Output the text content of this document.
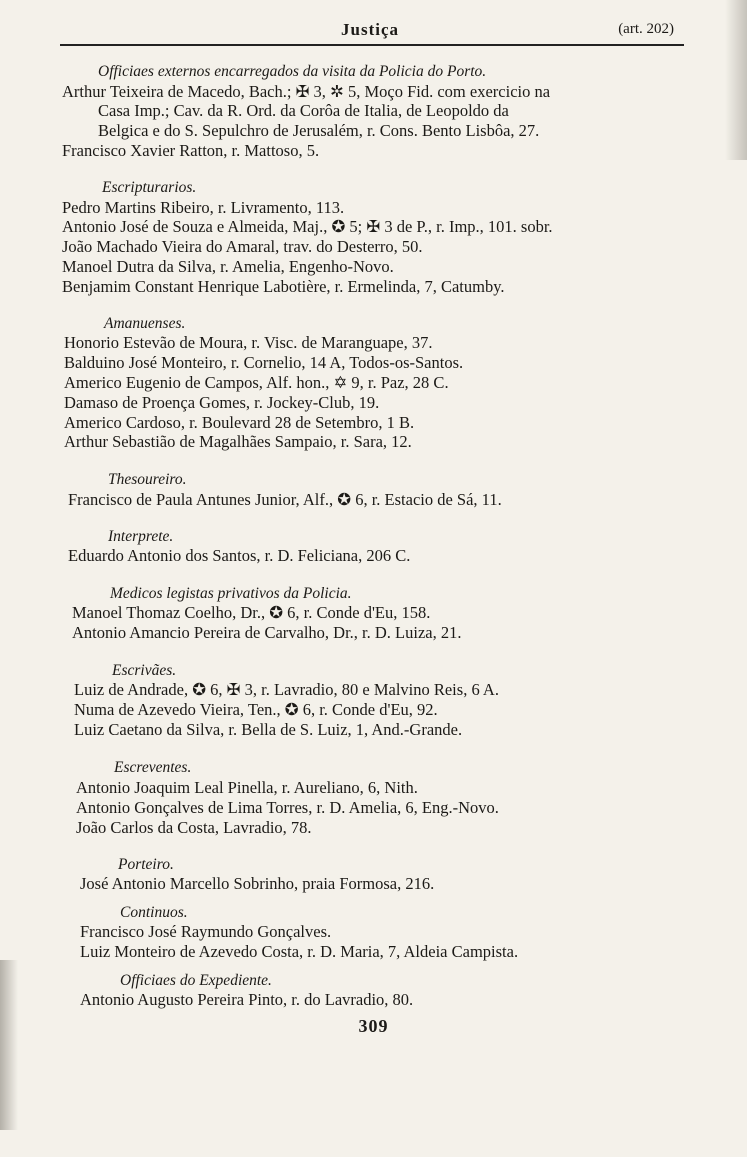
Justiça	(art. 202)
Officiaes externos encarregados da visita da Policia do Porto.
Arthur Teixeira de Macedo, Bach.; ✠ 3, ✲ 5, Moço Fid. com exercicio na
Casa Imp.; Cav. da R. Ord. da Corôa de Italia, de Leopoldo da
Belgica e do S. Sepulchro de Jerusalém, r. Cons. Bento Lisbôa, 27.
Francisco Xavier Ratton, r. Mattoso, 5.
Escripturarios.
Pedro Martins Ribeiro, r. Livramento, 113.
Antonio José de Souza e Almeida, Maj., ✪ 5; ✠ 3 de P., r. Imp., 101. sobr.
João Machado Vieira do Amaral, trav. do Desterro, 50.
Manoel Dutra da Silva, r. Amelia, Engenho-Novo.
Benjamim Constant Henrique Labotière, r. Ermelinda, 7, Catumby.
Amanuenses.
Honorio Estevão de Moura, r. Visc. de Maranguape, 37.
Balduino José Monteiro, r. Cornelio, 14 A, Todos-os-Santos.
Americo Eugenio de Campos, Alf. hon., ✡ 9, r. Paz, 28 C.
Damaso de Proença Gomes, r. Jockey-Club, 19.
Americo Cardoso, r. Boulevard 28 de Setembro, 1 B.
Arthur Sebastião de Magalhães Sampaio, r. Sara, 12.
Thesoureiro.
Francisco de Paula Antunes Junior, Alf., ✪ 6, r. Estacio de Sá, 11.
Interprete.
Eduardo Antonio dos Santos, r. D. Feliciana, 206 C.
Medicos legistas privativos da Policia.
Manoel Thomaz Coelho, Dr., ✪ 6, r. Conde d'Eu, 158.
Antonio Amancio Pereira de Carvalho, Dr., r. D. Luiza, 21.
Escrivães.
Luiz de Andrade, ✪ 6, ✠ 3, r. Lavradio, 80 e Malvino Reis, 6 A.
Numa de Azevedo Vieira, Ten., ✪ 6, r. Conde d'Eu, 92.
Luiz Caetano da Silva, r. Bella de S. Luiz, 1, And.-Grande.
Escreventes.
Antonio Joaquim Leal Pinella, r. Aureliano, 6, Nith.
Antonio Gonçalves de Lima Torres, r. D. Amelia, 6, Eng.-Novo.
João Carlos da Costa, Lavradio, 78.
Porteiro.
José Antonio Marcello Sobrinho, praia Formosa, 216.
Continuos.
Francisco José Raymundo Gonçalves.
Luiz Monteiro de Azevedo Costa, r. D. Maria, 7, Aldeia Campista.
Officiaes do Expediente.
Antonio Augusto Pereira Pinto, r. do Lavradio, 80.
309
